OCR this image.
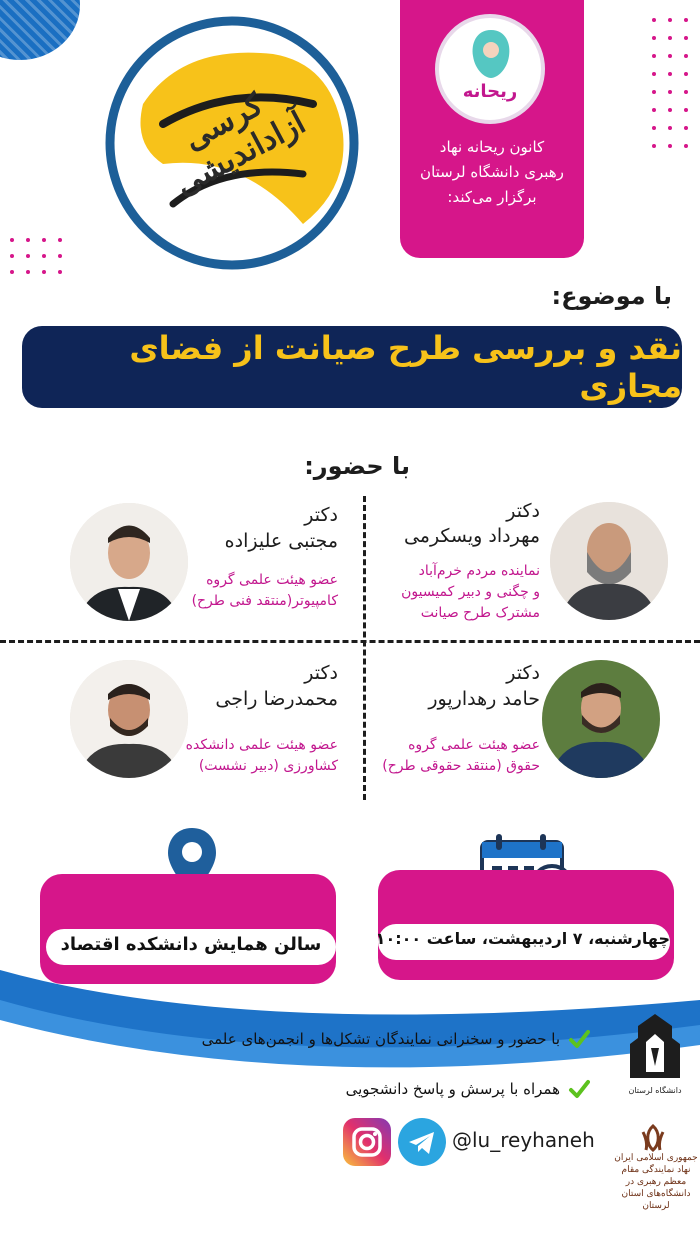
کرسی آزاداندیشی
ریحانه
کانون ریحانه نهاد
رهبری دانشگاه لرستان
برگزار می‌کند:
با موضوع:
نقد و بررسی طرح صیانت از فضای مجازی
با حضور:
دکتر
مهرداد ویسکرمی
نماینده مردم خرم‌آباد
و چگنی و دبیر کمیسیون
مشترک طرح صیانت
دکتر
مجتبی علیزاده
عضو هیئت علمی گروه
کامپیوتر(منتقد فنی طرح)
دکتر
حامد رهدارپور
عضو هیئت علمی گروه
حقوق (منتقد حقوقی طرح)
دکتر
محمدرضا راجی
عضو هیئت علمی دانشکده
کشاورزی (دبیر نشست)
سالن همایش دانشکده اقتصاد	چهارشنبه، ۷ اردیبهشت، ساعت ۱۰:۰۰
با حضور و سخنرانی نمایندگان تشکل‌ها و انجمن‌های علمی
همراه با پرسش و پاسخ دانشجویی
@lu_reyhaneh
دانشگاه لرستان
جمهوری اسلامی ایران نهاد نمایندگی مقام معظم رهبری در دانشگاه‌های استان لرستان
